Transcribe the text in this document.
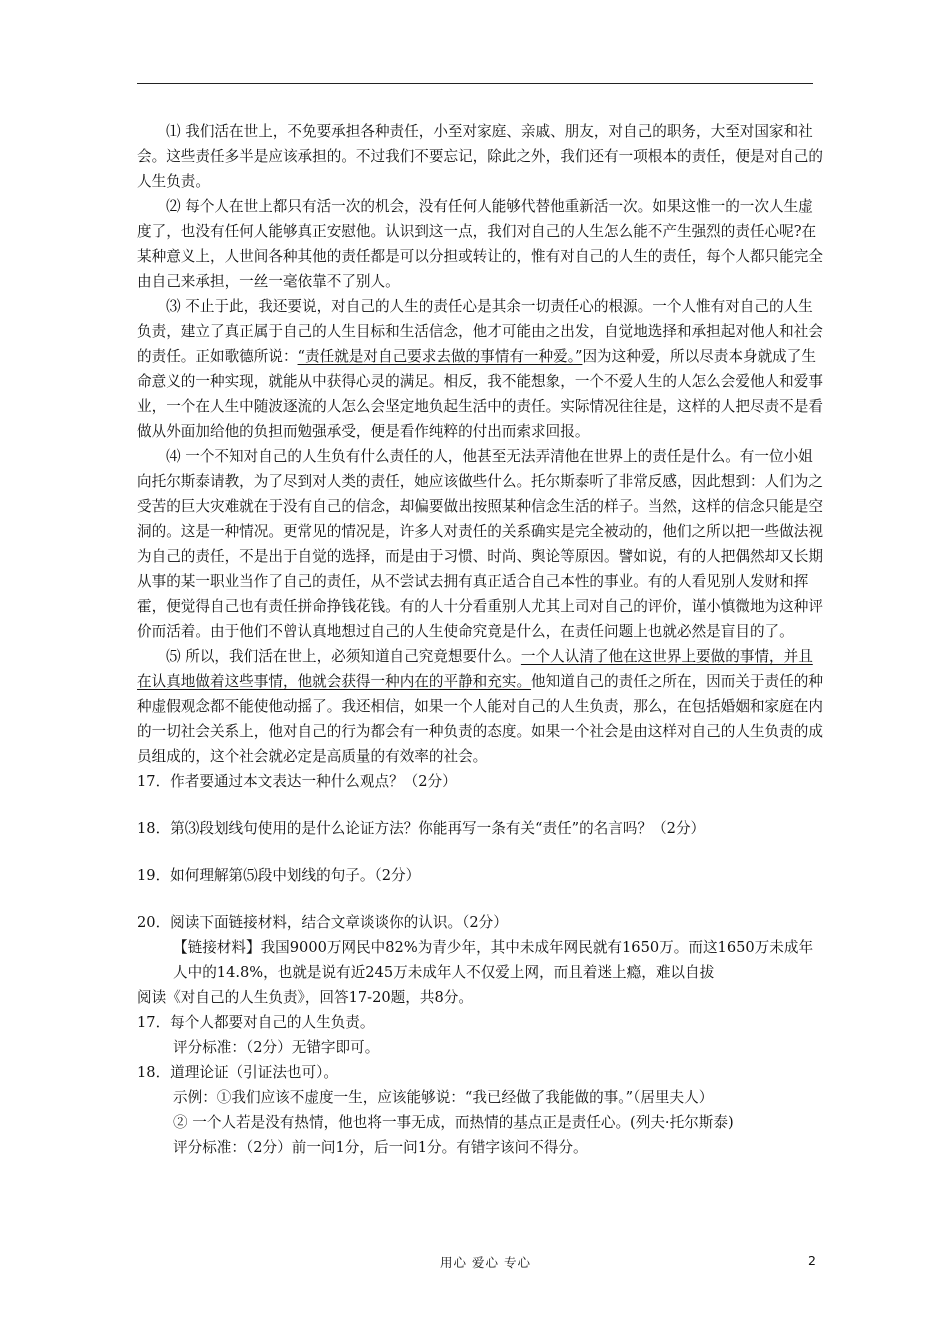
⑴ 我们活在世上，不免要承担各种责任，小至对家庭、亲戚、朋友，对自己的职务，大至对国家和社会。这些责任多半是应该承担的。不过我们不要忘记，除此之外，我们还有一项根本的责任，便是对自己的人生负责。

⑵ 每个人在世上都只有活一次的机会，没有任何人能够代替他重新活一次。如果这惟一的一次人生虚度了，也没有任何人能够真正安慰他。认识到这一点，我们对自己的人生怎么能不产生强烈的责任心呢?在某种意义上，人世间各种其他的责任都是可以分担或转让的，惟有对自己的人生的责任，每个人都只能完全由自己来承担，一丝一毫依靠不了别人。

⑶ 不止于此，我还要说，对自己的人生的责任心是其余一切责任心的根源。一个人惟有对自己的人生负责，建立了真正属于自己的人生目标和生活信念，他才可能由之出发，自觉地选择和承担起对他人和社会的责任。正如歌德所说：“责任就是对自己要求去做的事情有一种爱。”因为这种爱，所以尽责本身就成了生命意义的一种实现，就能从中获得心灵的满足。相反，我不能想象，一个不爱人生的人怎么会爱他人和爱事业，一个在人生中随波逐流的人怎么会坚定地负起生活中的责任。实际情况往往是，这样的人把尽责不是看做从外面加给他的负担而勉强承受，便是看作纯粹的付出而索求回报。

⑷ 一个不知对自己的人生负有什么责任的人，他甚至无法弄清他在世界上的责任是什么。有一位小姐向托尔斯泰请教，为了尽到对人类的责任，她应该做些什么。托尔斯泰听了非常反感，因此想到：人们为之受苦的巨大灾难就在于没有自己的信念，却偏要做出按照某种信念生活的样子。当然，这样的信念只能是空洞的。这是一种情况。更常见的情况是，许多人对责任的关系确实是完全被动的，他们之所以把一些做法视为自己的责任，不是出于自觉的选择，而是由于习惯、时尚、舆论等原因。譬如说，有的人把偶然却又长期从事的某一职业当作了自己的责任，从不尝试去拥有真正适合自己本性的事业。有的人看见别人发财和挥霍，便觉得自己也有责任拼命挣钱花钱。有的人十分看重别人尤其上司对自己的评价，谨小慎微地为这种评价而活着。由于他们不曾认真地想过自己的人生使命究竟是什么，在责任问题上也就必然是盲目的了。

⑸ 所以，我们活在世上，必须知道自己究竟想要什么。一个人认清了他在这世界上要做的事情，并且在认真地做着这些事情，他就会获得一种内在的平静和充实。他知道自己的责任之所在，因而关于责任的种种虚假观念都不能使他动摇了。我还相信，如果一个人能对自己的人生负责，那么，在包括婚姻和家庭在内的一切社会关系上，他对自己的行为都会有一种负责的态度。如果一个社会是由这样对自己的人生负责的成员组成的，这个社会就必定是高质量的有效率的社会。

17．作者要通过本文表达一种什么观点？（2分）

18．第⑶段划线句使用的是什么论证方法？你能再写一条有关“责任”的名言吗？（2分）

19．如何理解第⑸段中划线的句子。（2分）

20．阅读下面链接材料，结合文章谈谈你的认识。（2分）

【链接材料】我国9000万网民中82%为青少年，其中未成年网民就有1650万。而这1650万未成年人中的14.8%，也就是说有近245万未成年人不仅爱上网，而且着迷上瘾，难以自拔

阅读《对自己的人生负责》，回答17-20题，共8分。

17．每个人都要对自己的人生负责。

评分标准：（2分）无错字即可。

18．道理论证（引证法也可）。

示例：①我们应该不虚度一生，应该能够说：“我已经做了我能做的事。”（居里夫人）

② 一个人若是没有热情，他也将一事无成，而热情的基点正是责任心。(列夫·托尔斯泰)

评分标准：（2分）前一问1分，后一问1分。有错字该问不得分。

用心 爱心 专心	2
